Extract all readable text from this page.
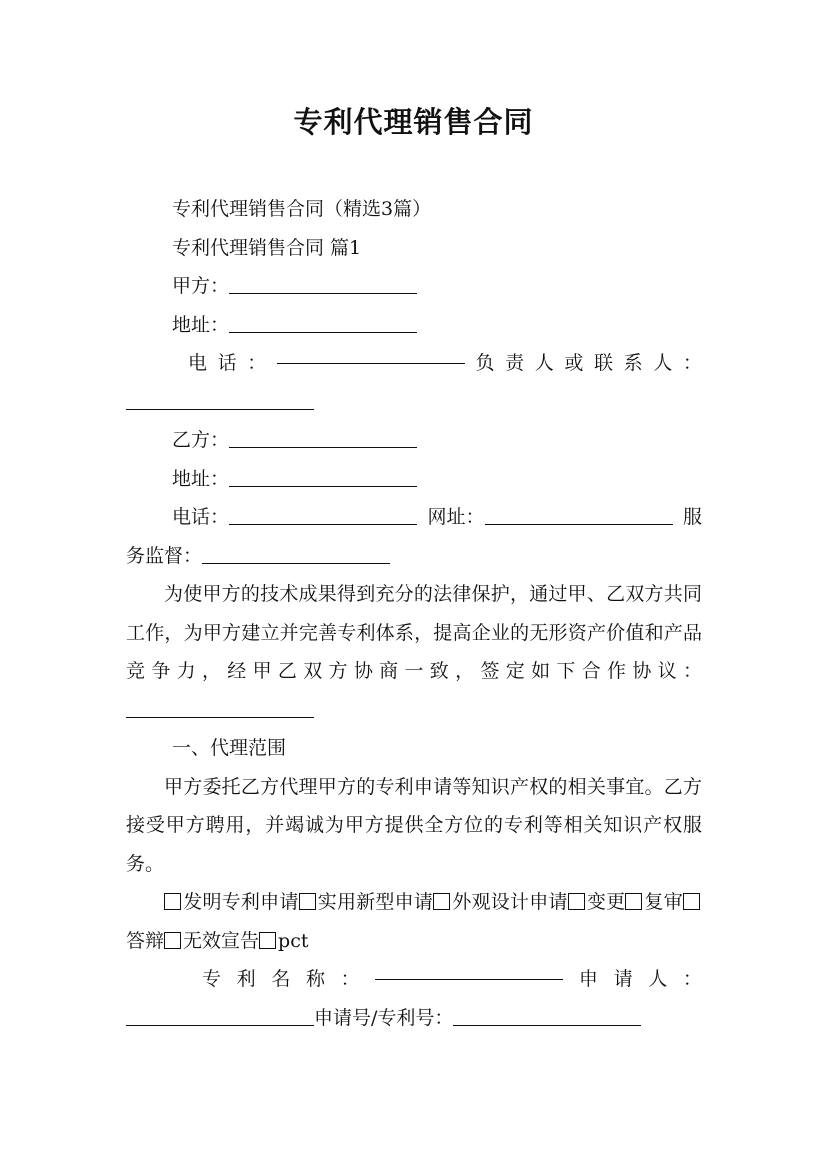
专利代理销售合同

专利代理销售合同（精选3篇）

专利代理销售合同 篇1

甲方：

地址：

电 话 ：	负 责 人 或 联 系 人 ：

乙方：

地址：

电话：	网址：	服

务监督：

为使甲方的技术成果得到充分的法律保护，通过甲、乙双方共同工作，为甲方建立并完善专利体系，提高企业的无形资产价值和产品竞争力，经甲乙双方协商一致，签定如下合作协议：

一、代理范围

甲方委托乙方代理甲方的专利申请等知识产权的相关事宜。乙方接受甲方聘用，并竭诚为甲方提供全方位的专利等相关知识产权服务。

发明专利申请 实用新型申请 外观设计申请 变更 复审答辩 无效宣告 pct

专 利 名 称 ：	申 请 人 ：

申请号/专利号：
